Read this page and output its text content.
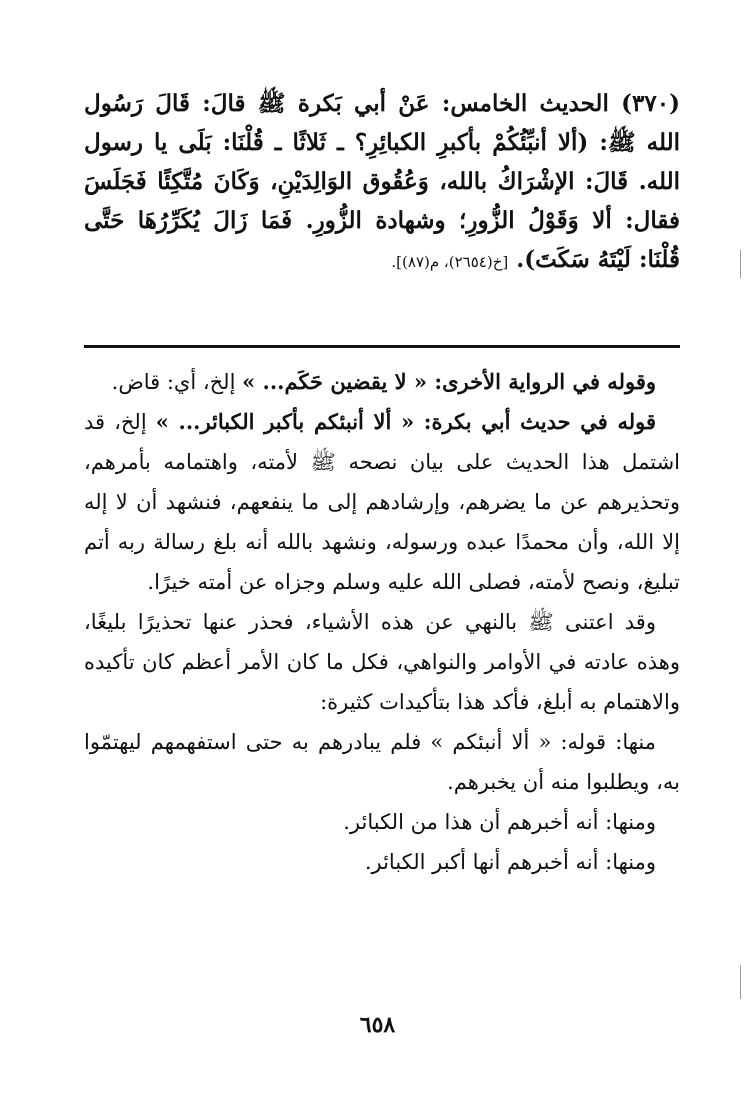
(٣٧٠) الحديث الخامس: عَنْ أبي بَكرة ﷺ قالَ: قَالَ رَسُول الله ﷺ: (ألا أنبِّئُكُمْ بأكبرِ الكبائِرِ؟ ـ ثَلاثًا ـ قُلْنَا: بَلَى يا رسول الله. قَالَ: الإشْرَاكُ بالله، وَعُقُوق الوَالِدَيْنِ، وَكَانَ مُتَّكِئًا فَجَلَسَ فقال: ألا وَقَوْلُ الزُّورِ؛ وشهادة الزُّورِ. فَمَا زَالَ يُكَرِّرُهَا حَتَّى قُلْنَا: لَيْتَهُ سَكَتَ). [خ(٢٦٥٤)، م(٨٧)].

وقوله في الرواية الأخرى: « لا يقضين حَكَم... » إلخ، أي: قاض.

قوله في حديث أبي بكرة: « ألا أنبئكم بأكبر الكبائر... » إلخ، قد اشتمل هذا الحديث على بيان نصحه ﷺ لأمته، واهتمامه بأمرهم، وتحذيرهم عن ما يضرهم، وإرشادهم إلى ما ينفعهم، فنشهد أن لا إله إلا الله، وأن محمدًا عبده ورسوله، ونشهد بالله أنه بلغ رسالة ربه أتم تبليغ، ونصح لأمته، فصلى الله عليه وسلم وجزاه عن أمته خيرًا.

وقد اعتنى ﷺ بالنهي عن هذه الأشياء، فحذر عنها تحذيرًا بليغًا، وهذه عادته في الأوامر والنواهي، فكل ما كان الأمر أعظم كان تأكيده والاهتمام به أبلغ، فأكد هذا بتأكيدات كثيرة:

منها: قوله: « ألا أنبئكم » فلم يبادرهم به حتى استفهمهم ليهتمّوا به، ويطلبوا منه أن يخبرهم.

ومنها: أنه أخبرهم أن هذا من الكبائر.

ومنها: أنه أخبرهم أنها أكبر الكبائر.

٦٥٨
